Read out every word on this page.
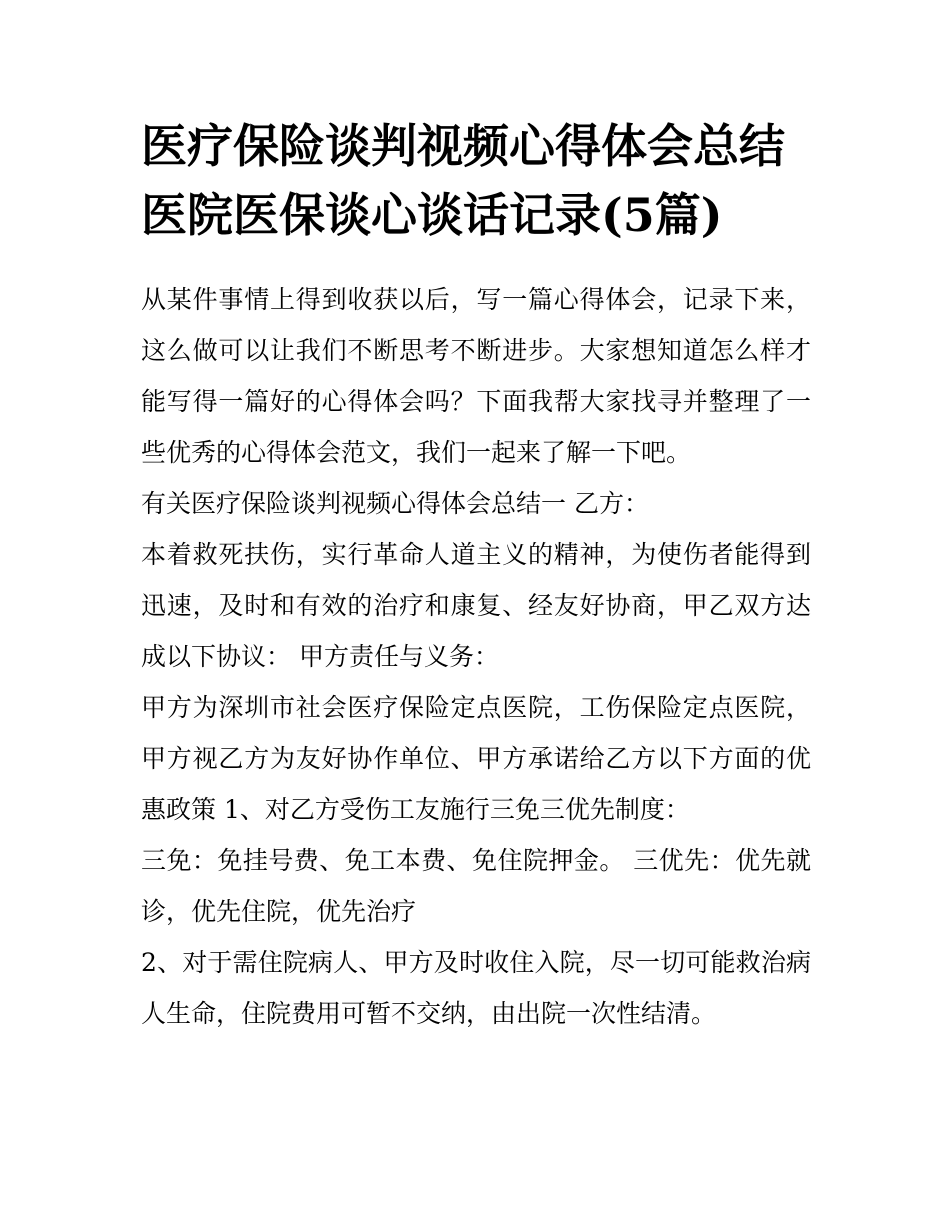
医疗保险谈判视频心得体会总结 医院医保谈心谈话记录(5篇)

从某件事情上得到收获以后，写一篇心得体会，记录下来，这么做可以让我们不断思考不断进步。大家想知道怎么样才能写得一篇好的心得体会吗？下面我帮大家找寻并整理了一些优秀的心得体会范文，我们一起来了解一下吧。

有关医疗保险谈判视频心得体会总结一 乙方：

本着救死扶伤，实行革命人道主义的精神，为使伤者能得到迅速，及时和有效的治疗和康复、经友好协商，甲乙双方达成以下协议： 甲方责任与义务：

甲方为深圳市社会医疗保险定点医院，工伤保险定点医院，甲方视乙方为友好协作单位、甲方承诺给乙方以下方面的优惠政策 1、对乙方受伤工友施行三免三优先制度：

三免：免挂号费、免工本费、免住院押金。 三优先：优先就诊，优先住院，优先治疗

2、对于需住院病人、甲方及时收住入院，尽一切可能救治病人生命，住院费用可暂不交纳，由出院一次性结清。
